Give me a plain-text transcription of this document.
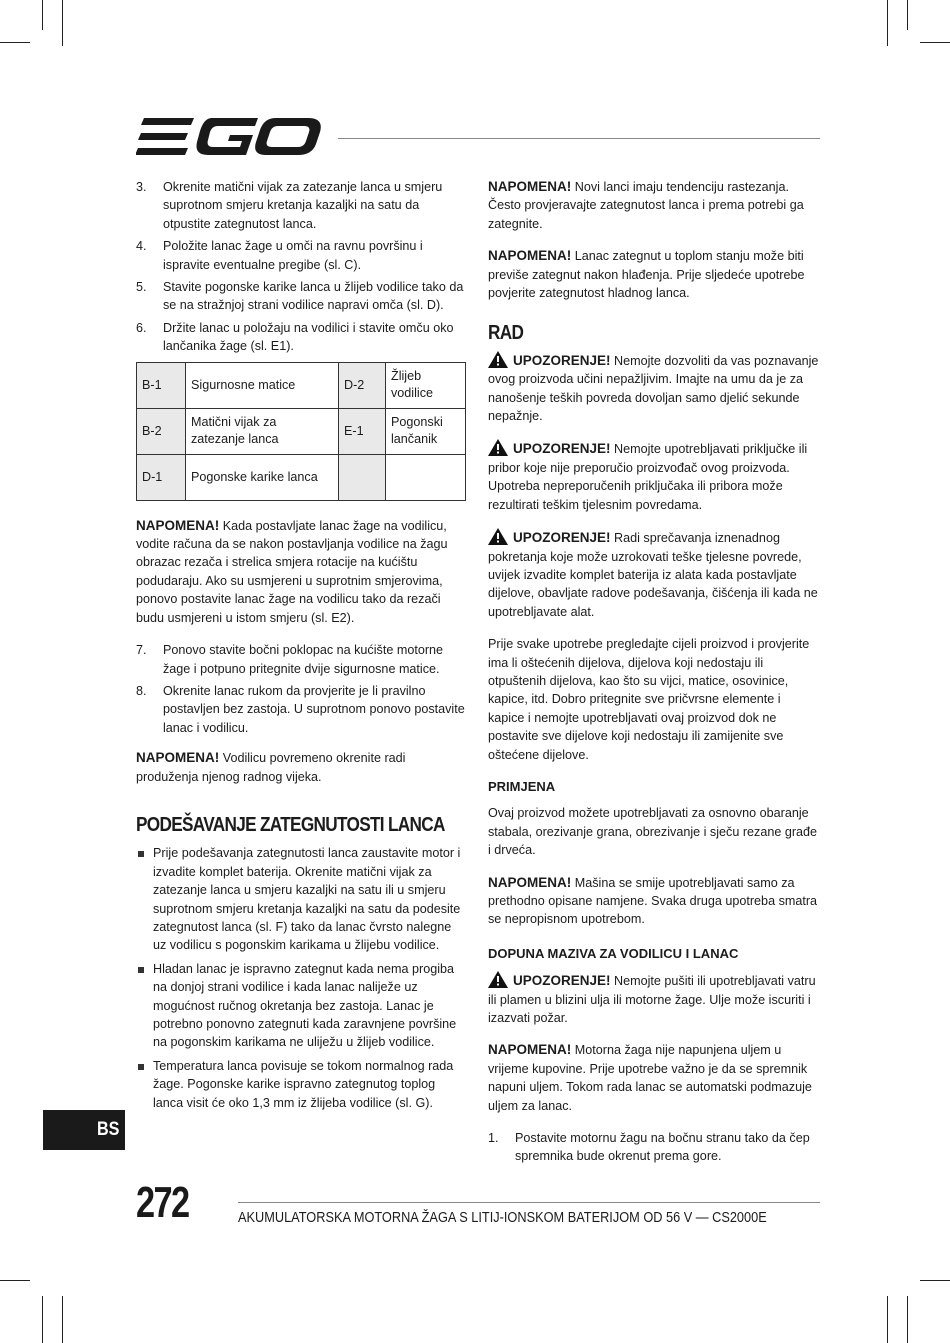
3. Okrenite matični vijak za zatezanje lanca u smjeru suprotnom smjeru kretanja kazaljki na satu da otpustite zategnutost lanca.
4. Položite lanac žage u omči na ravnu površinu i ispravite eventualne pregibe (sl. C).
5. Stavite pogonske karike lanca u žlijeb vodilice tako da se na stražnjoj strani vodilice napravi omča (sl. D).
6. Držite lanac u položaju na vodilici i stavite omču oko lančanika žage (sl. E1).
B-1	Sigurnosne matice	D-2	Žlijeb vodilice
B-2	Matični vijak za zatezanje lanca	E-1	Pogonski lančanik
D-1	Pogonske karike lanca		

NAPOMENA! Kada postavljate lanac žage na vodilicu, vodite računa da se nakon postavljanja vodilice na žagu obrazac rezača i strelica smjera rotacije na kućištu podudaraju. Ako su usmjereni u suprotnim smjerovima, ponovo postavite lanac žage na vodilicu tako da rezači budu usmjereni u istom smjeru (sl. E2).

7. Ponovo stavite bočni poklopac na kućište motorne žage i potpuno pritegnite dvije sigurnosne matice.
8. Okrenite lanac rukom da provjerite je li pravilno postavljen bez zastoja. U suprotnom ponovo postavite lanac i vodilicu.

NAPOMENA! Vodilicu povremeno okrenite radi produženja njenog radnog vijeka.

PODEŠAVANJE ZATEGNUTOSTI LANCA
Prije podešavanja zategnutosti lanca zaustavite motor i izvadite komplet baterija. Okrenite matični vijak za zatezanje lanca u smjeru kazaljki na satu ili u smjeru suprotnom smjeru kretanja kazaljki na satu da podesite zategnutost lanca (sl. F) tako da lanac čvrsto nalegne uz vodilicu s pogonskim karikama u žlijebu vodilice.
Hladan lanac je ispravno zategnut kada nema progiba na donjoj strani vodilice i kada lanac naliježe uz mogućnost ručnog okretanja bez zastoja. Lanac je potrebno ponovno zategnuti kada zaravnjene površine na pogonskim karikama ne uliježu u žlijeb vodilice.
Temperatura lanca povisuje se tokom normalnog rada žage. Pogonske karike ispravno zategnutog toplog lanca visit će oko 1,3 mm iz žlijeba vodilice (sl. G).

NAPOMENA! Novi lanci imaju tendenciju rastezanja. Često provjeravajte zategnutost lanca i prema potrebi ga zategnite.

NAPOMENA! Lanac zategnut u toplom stanju može biti previše zategnut nakon hlađenja. Prije sljedeće upotrebe povjerite zategnutost hladnog lanca.

RAD

UPOZORENJE! Nemojte dozvoliti da vas poznavanje ovog proizvoda učini nepažljivim. Imajte na umu da je za nanošenje teških povreda dovoljan samo djelić sekunde nepažnje.

UPOZORENJE! Nemojte upotrebljavati priključke ili pribor koje nije preporučio proizvođač ovog proizvoda. Upotreba nepreporučenih priključaka ili pribora može rezultirati teškim tjelesnim povredama.

UPOZORENJE! Radi sprečavanja iznenadnog pokretanja koje može uzrokovati teške tjelesne povrede, uvijek izvadite komplet baterija iz alata kada postavljate dijelove, obavljate radove podešavanja, čišćenja ili kada ne upotrebljavate alat.

Prije svake upotrebe pregledajte cijeli proizvod i provjerite ima li oštećenih dijelova, dijelova koji nedostaju ili otpuštenih dijelova, kao što su vijci, matice, osovinice, kapice, itd. Dobro pritegnite sve pričvrsne elemente i kapice i nemojte upotrebljavati ovaj proizvod dok ne postavite sve dijelove koji nedostaju ili zamijenite sve oštećene dijelove.

PRIMJENA

Ovaj proizvod možete upotrebljavati za osnovno obaranje stabala, orezivanje grana, obrezivanje i sječu rezane građe i drveća.

NAPOMENA! Mašina se smije upotrebljavati samo za prethodno opisane namjene. Svaka druga upotreba smatra se nepropisnom upotrebom.

DOPUNA MAZIVA ZA VODILICU I LANAC

UPOZORENJE! Nemojte pušiti ili upotrebljavati vatru ili plamen u blizini ulja ili motorne žage. Ulje može iscuriti i izazvati požar.

NAPOMENA! Motorna žaga nije napunjena uljem u vrijeme kupovine. Prije upotrebe važno je da se spremnik napuni uljem. Tokom rada lanac se automatski podmazuje uljem za lanac.

1. Postavite motornu žagu na bočnu stranu tako da čep spremnika bude okrenut prema gore.
BS
272	AKUMULATORSKA MOTORNA ŽAGA S LITIJ-IONSKOM BATERIJOM OD 56 V — CS2000E
